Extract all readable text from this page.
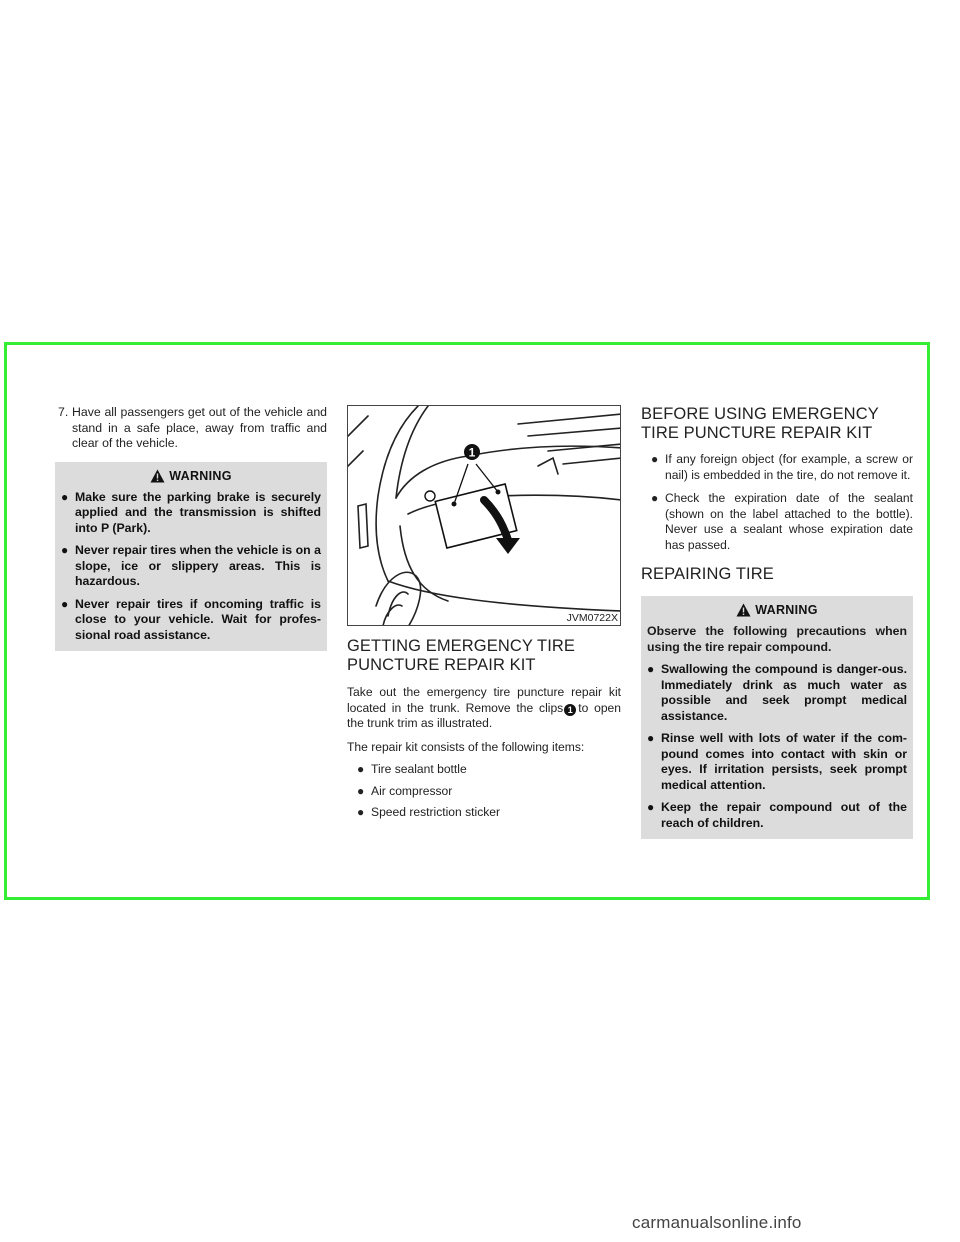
7. Have all passengers get out of the vehicle and stand in a safe place, away from traffic and clear of the vehicle.
WARNING
● Make sure the parking brake is securely applied and the transmission is shifted into P (Park).
● Never repair tires when the vehicle is on a slope, ice or slippery areas. This is hazardous.
● Never repair tires if oncoming traffic is close to your vehicle. Wait for profes-sional road assistance.
1
JVM0722X
GETTING EMERGENCY TIRE PUNCTURE REPAIR KIT

Take out the emergency tire puncture repair kit located in the trunk. Remove the clips 1 to open the trunk trim as illustrated.

The repair kit consists of the following items:

● Tire sealant bottle
● Air compressor
● Speed restriction sticker
BEFORE USING EMERGENCY TIRE PUNCTURE REPAIR KIT
● If any foreign object (for example, a screw or nail) is embedded in the tire, do not remove it.
● Check the expiration date of the sealant (shown on the label attached to the bottle). Never use a sealant whose expiration date has passed.
REPAIRING TIRE
WARNING

Observe the following precautions when using the tire repair compound.

● Swallowing the compound is danger-ous. Immediately drink as much water as possible and seek prompt medical assistance.
● Rinse well with lots of water if the com-pound comes into contact with skin or eyes. If irritation persists, seek prompt medical attention.
● Keep the repair compound out of the reach of children.
carmanualsonline.info
